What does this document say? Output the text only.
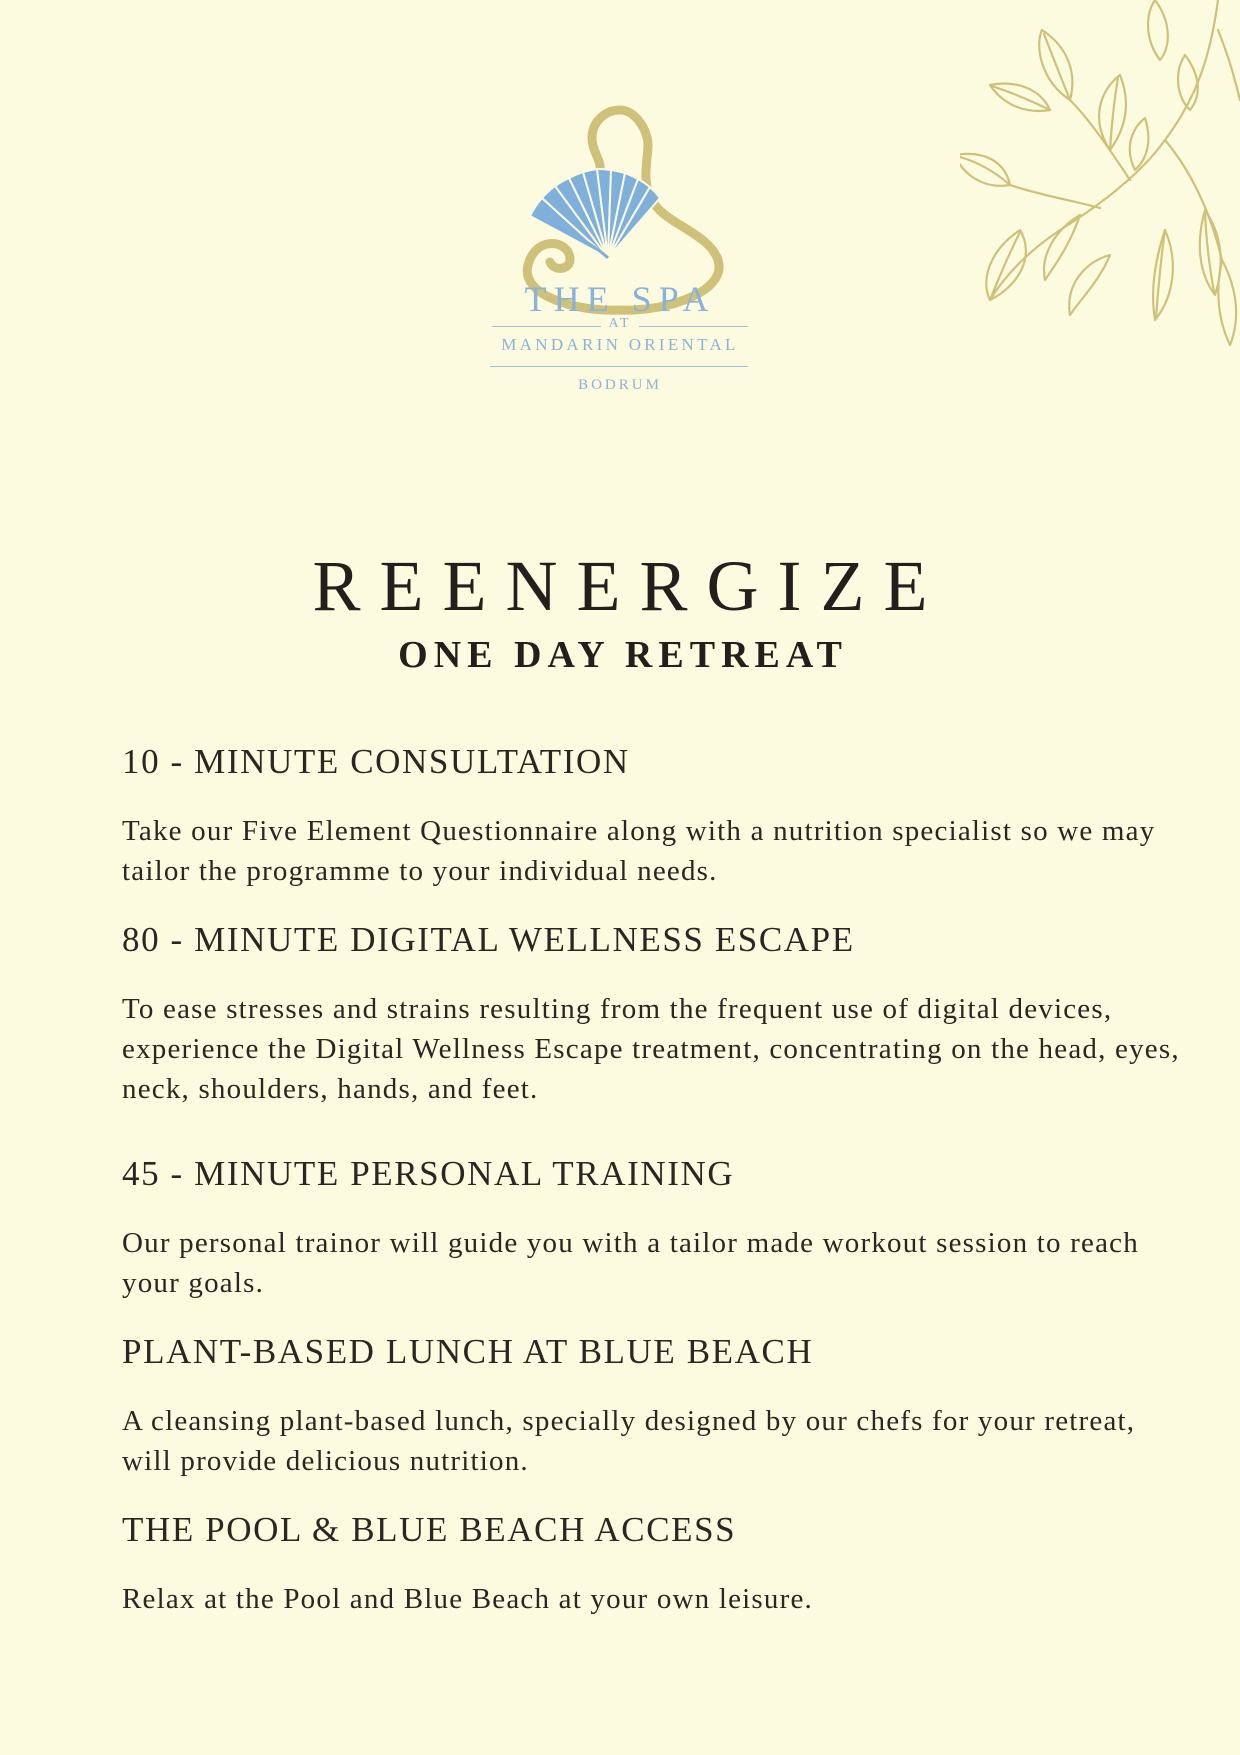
THE SPA
AT
MANDARIN ORIENTAL
BODRUM
REENERGIZE
ONE DAY RETREAT
10 - MINUTE CONSULTATION

Take our Five Element Questionnaire along with a nutrition specialist so we may tailor the programme to your individual needs.

80 - MINUTE DIGITAL WELLNESS ESCAPE

To ease stresses and strains resulting from the frequent use of digital devices, experience the Digital Wellness Escape treatment, concentrating on the head, eyes, neck, shoulders, hands, and feet.

45 - MINUTE PERSONAL TRAINING

Our personal trainor will guide you with a tailor made workout session to reach your goals.

PLANT-BASED LUNCH AT BLUE BEACH

A cleansing plant-based lunch, specially designed by our chefs for your retreat, will provide delicious nutrition.

THE POOL & BLUE BEACH ACCESS

Relax at the Pool and Blue Beach at your own leisure.
